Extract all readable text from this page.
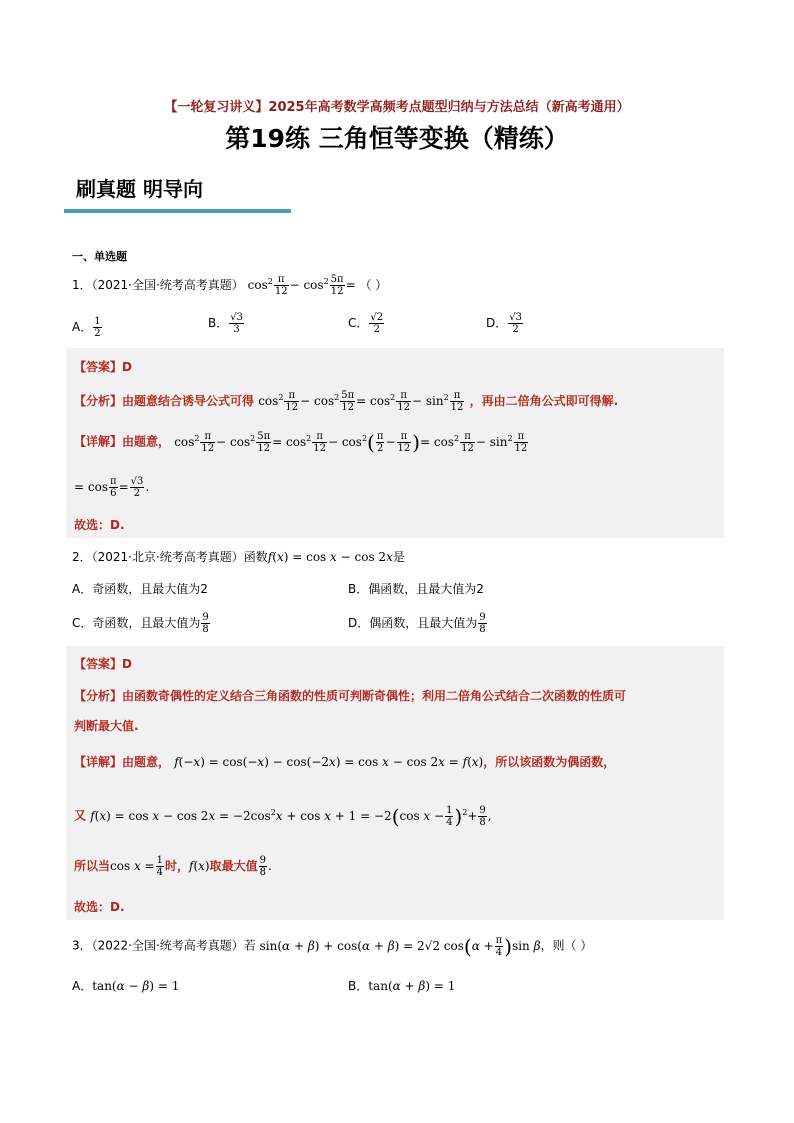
【一轮复习讲义】2025年高考数学高频考点题型归纳与方法总结（新高考通用）
第19练 三角恒等变换（精练）
刷真题 明导向
一、单选题
1．（2021·全国·统考高考真题） $\cos^2 \frac{\pi}{12} - \cos^2 \frac{5\pi}{12}$ = （ ）
A． $\frac{1}{2}$	B． $\frac{√3}{3}$	C． $\frac{√2}{2}$	D． $\frac{√3}{2}$
【答案】D
【分析】由题意结合诱导公式可得 $\cos^2 \frac{\pi}{12} - \cos^2 \frac{5\pi}{12} = \cos^2 \frac{\pi}{12} - \sin^2 \frac{\pi}{12}$ ，再由二倍角公式即可得解.
【详解】由题意， $\cos^2 \frac{\pi}{12} - \cos^2 \frac{5\pi}{12} = \cos^2 \frac{\pi}{12} - \cos^2( \frac{\pi}{2} - \frac{\pi}{12}$ )= $\cos^2 \frac{\pi}{12} - \sin^2 \frac{\pi}{12}$
= $\cos \frac{\pi}{6} = \frac{√3}{2}$ .
故选：D.
2．（2021·北京·统考高考真题）函数f(x) = cos x − cos 2x是
A．奇函数，且最大值为2	B．偶函数，且最大值为2
C．奇函数，且最大值为 $\frac{9}{8}$	D．偶函数，且最大值为 $\frac{9}{8}$
【答案】D
【分析】由函数奇偶性的定义结合三角函数的性质可判断奇偶性；利用二倍角公式结合二次函数的性质可
判断最大值.
【详解】由题意， f(−x) = cos(−x) − cos(−2x) = cos x − cos 2x = f(x)，所以该函数为偶函数，
又 $f(x) = \cos x - \cos 2x = -2\cos^2x + \cos x + 1 = -2(\cos$ $x - \frac{1}{4} )^2+ \frac{9}{8}$ ,
所以当$\cos x = \frac{1}{4}$ 时，f(x)取最大值 $\frac{9}{8}$ .
故选：D.
3．（2022·全国·统考高考真题）若 sin(α + β) + cos(α + β) = 2√2 $\cos(\alpha + \frac{\pi}{4} )\sin$ β，则（ ）
A．tan(α − β) = 1	B．tan(α + β) = 1
